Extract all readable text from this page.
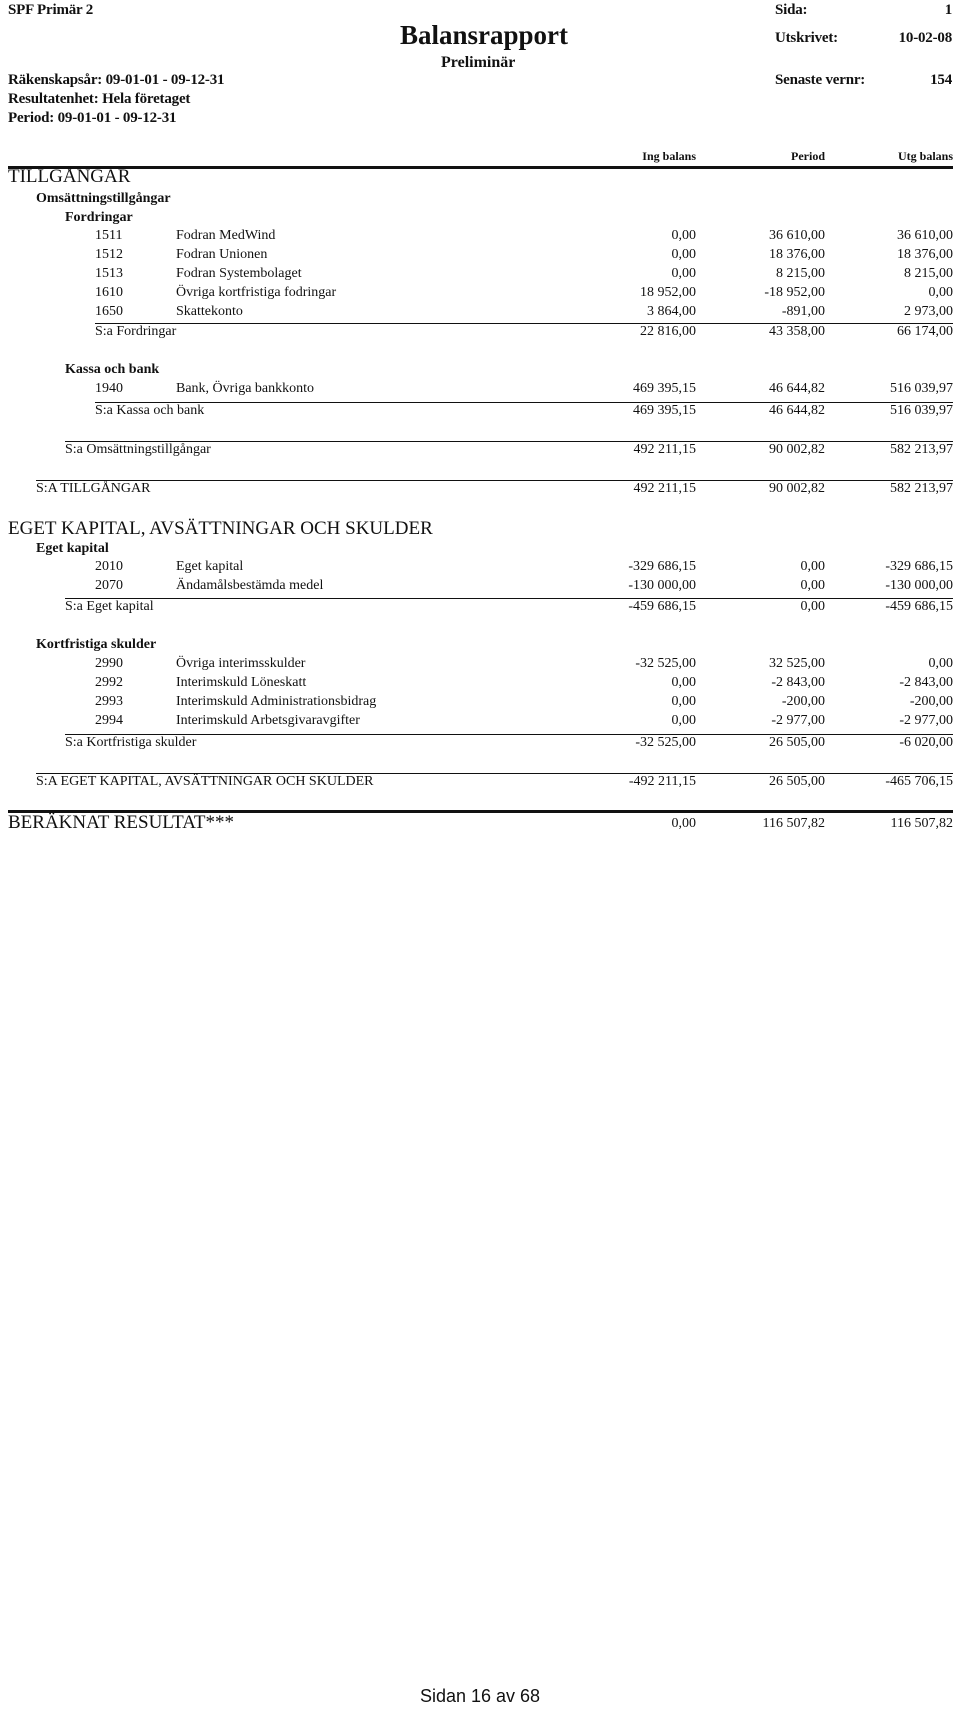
SPF Primär 2
Balansrapport
Preliminär
Räkenskapsår: 09-01-01 - 09-12-31
Resultatenhet: Hela företaget
Period: 09-01-01 - 09-12-31
Sida:	1
Utskrivet:	10-02-08
Senaste vernr:	154
Ing balans	Period	Utg balans
TILLGÅNGAR
Omsättningstillgångar
Fordringar
1511	Fodran MedWind	0,00	36 610,00	36 610,00
1512	Fodran Unionen	0,00	18 376,00	18 376,00
1513	Fodran Systembolaget	0,00	8 215,00	8 215,00
1610	Övriga kortfristiga fodringar	18 952,00	-18 952,00	0,00
1650	Skattekonto	3 864,00	-891,00	2 973,00
S:a Fordringar	22 816,00	43 358,00	66 174,00
Kassa och bank
1940	Bank, Övriga bankkonto	469 395,15	46 644,82	516 039,97
S:a Kassa och bank	469 395,15	46 644,82	516 039,97
S:a Omsättningstillgångar	492 211,15	90 002,82	582 213,97
S:A TILLGÅNGAR	492 211,15	90 002,82	582 213,97
EGET KAPITAL, AVSÄTTNINGAR OCH SKULDER
Eget kapital
2010	Eget kapital	-329 686,15	0,00	-329 686,15
2070	Ändamålsbestämda medel	-130 000,00	0,00	-130 000,00
S:a Eget kapital	-459 686,15	0,00	-459 686,15
Kortfristiga skulder
2990	Övriga interimsskulder	-32 525,00	32 525,00	0,00
2992	Interimskuld Löneskatt	0,00	-2 843,00	-2 843,00
2993	Interimskuld Administrationsbidrag	0,00	-200,00	-200,00
2994	Interimskuld Arbetsgivaravgifter	0,00	-2 977,00	-2 977,00
S:a Kortfristiga skulder	-32 525,00	26 505,00	-6 020,00
S:A EGET KAPITAL, AVSÄTTNINGAR OCH SKULDER	-492 211,15	26 505,00	-465 706,15
BERÄKNAT RESULTAT***	0,00	116 507,82	116 507,82
Sidan 16 av 68
